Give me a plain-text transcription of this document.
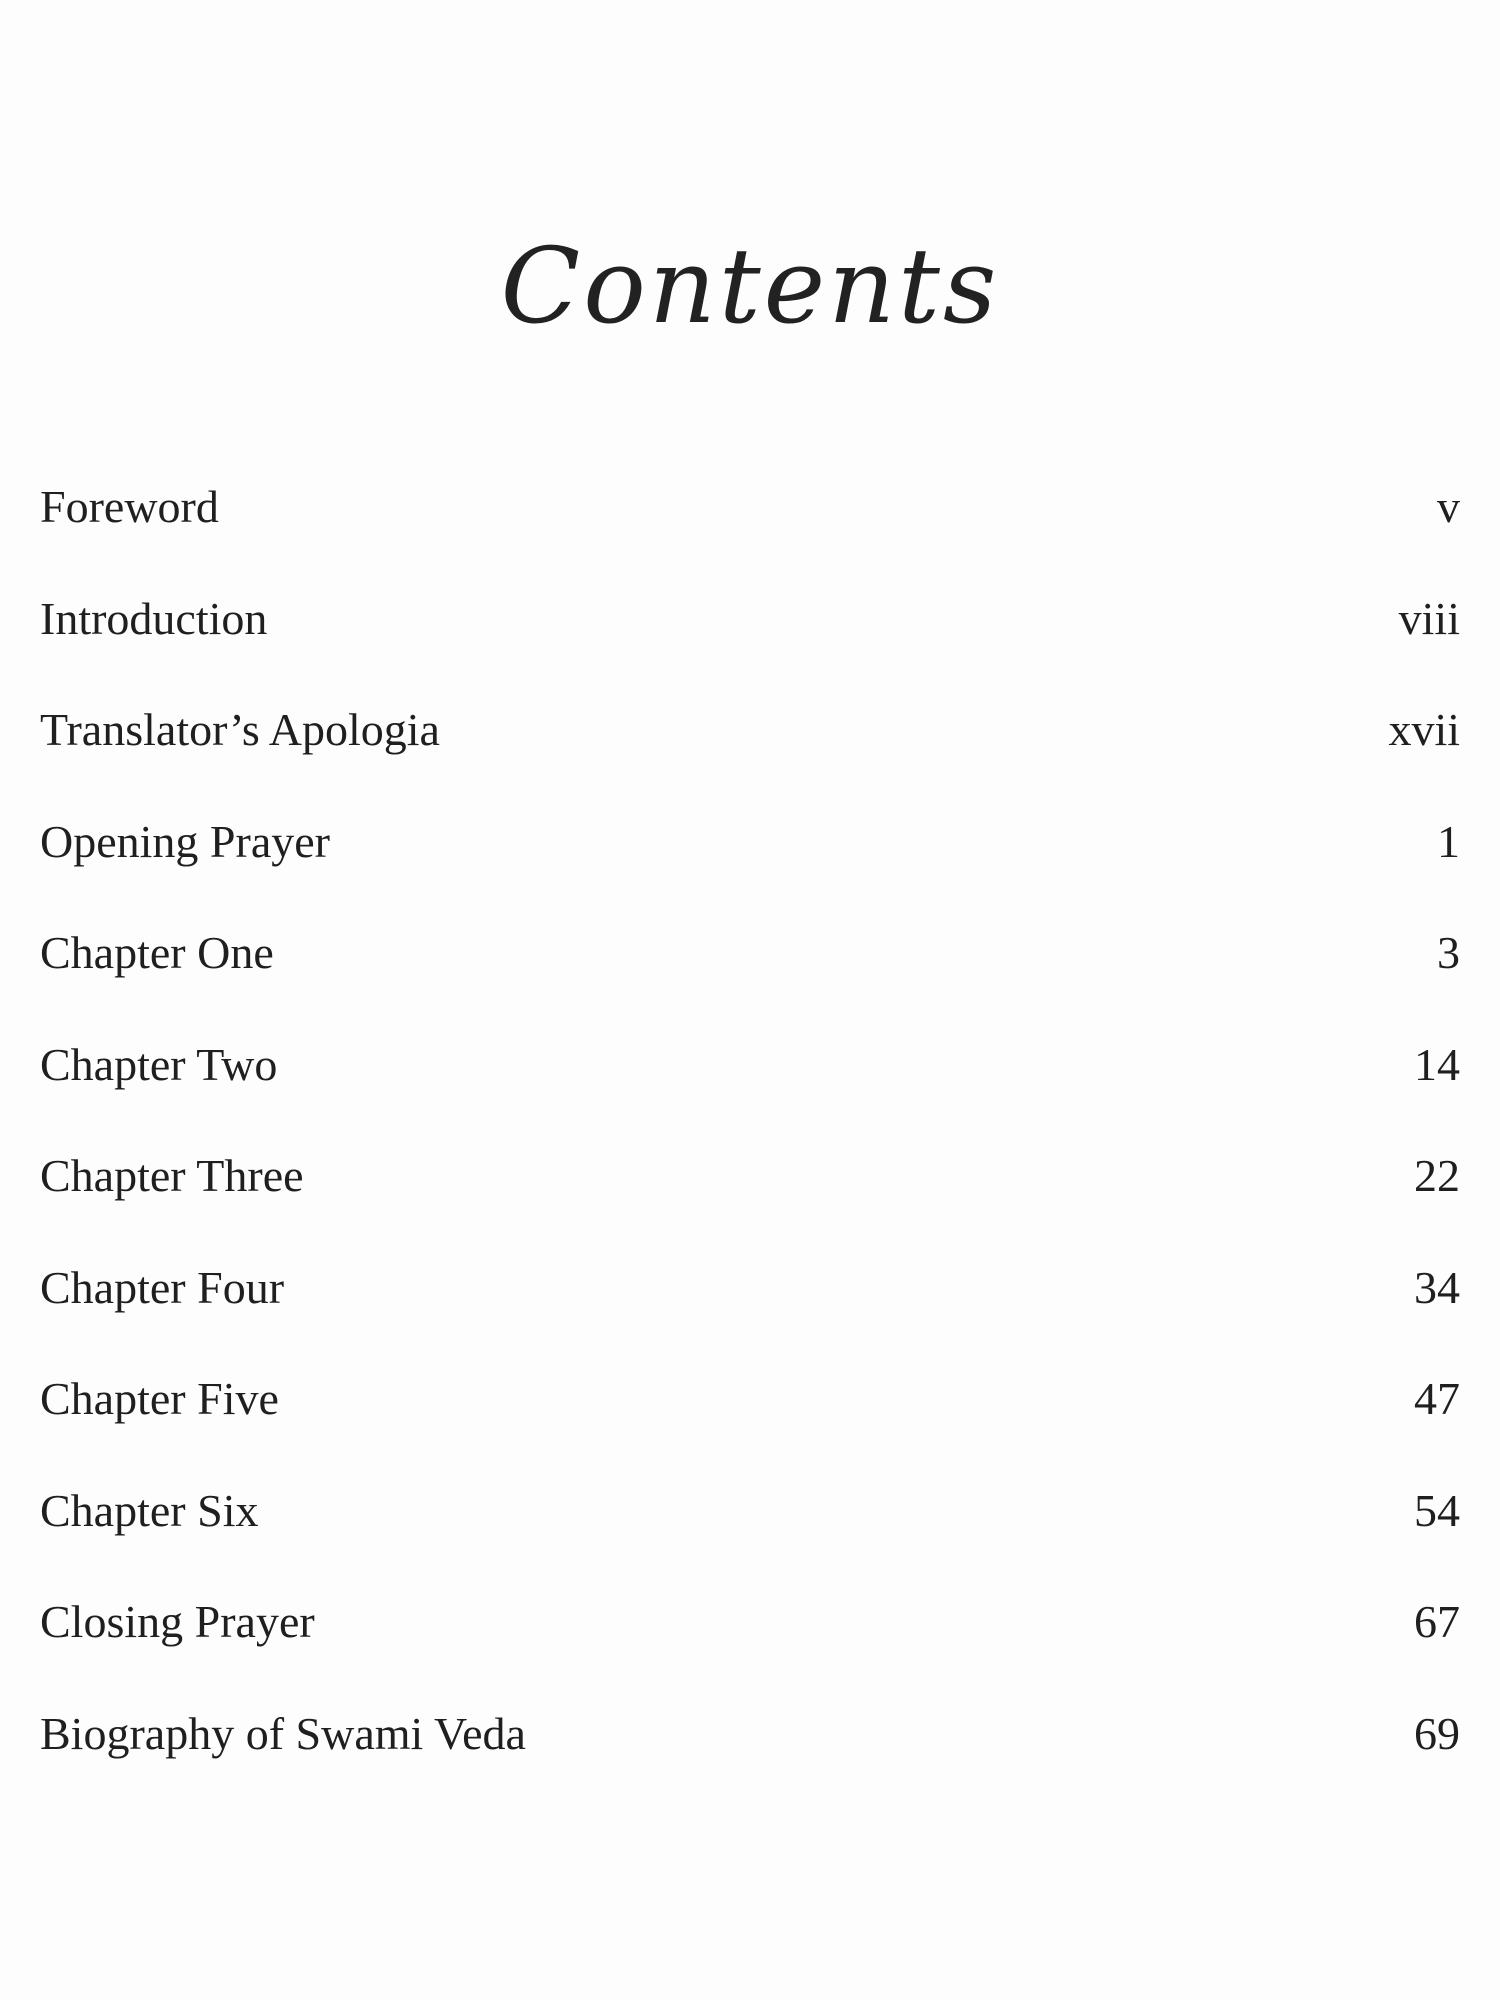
Contents
Foreword	v
Introduction	viii
Translator’s Apologia	xvii
Opening Prayer	1
Chapter One	3
Chapter Two	14
Chapter Three	22
Chapter Four	34
Chapter Five	47
Chapter Six	54
Closing Prayer	67
Biography of Swami Veda	69
